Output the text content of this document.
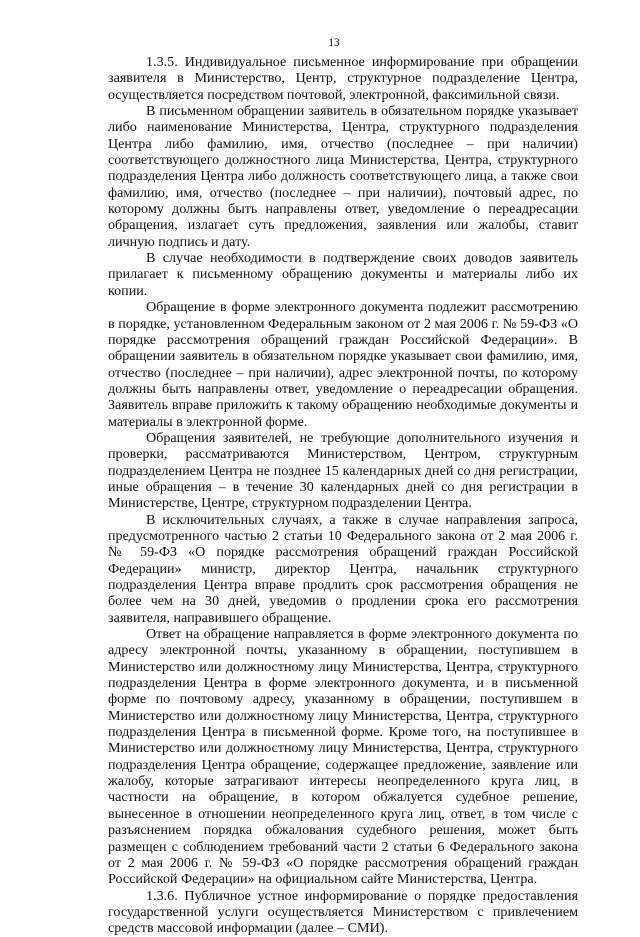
13

1.3.5. Индивидуальное письменное информирование при обращении заявителя в Министерство, Центр, структурное подразделение Центра, осуществляется посредством почтовой, электронной, факсимильной связи.

В письменном обращении заявитель в обязательном порядке указывает либо наименование Министерства, Центра, структурного подразделения Центра либо фамилию, имя, отчество (последнее – при наличии) соответствующего должностного лица Министерства, Центра, структурного подразделения Центра либо должность соответствующего лица, а также свои фамилию, имя, отчество (последнее – при наличии), почтовый адрес, по которому должны быть направлены ответ, уведомление о переадресации обращения, излагает суть предложения, заявления или жалобы, ставит личную подпись и дату.

В случае необходимости в подтверждение своих доводов заявитель прилагает к письменному обращению документы и материалы либо их копии.

Обращение в форме электронного документа подлежит рассмотрению в порядке, установленном Федеральным законом от 2 мая 2006 г. № 59-ФЗ «О порядке рассмотрения обращений граждан Российской Федерации». В обращении заявитель в обязательном порядке указывает свои фамилию, имя, отчество (последнее – при наличии), адрес электронной почты, по которому должны быть направлены ответ, уведомление о переадресации обращения. Заявитель вправе приложить к такому обращению необходимые документы и материалы в электронной форме.

Обращения заявителей, не требующие дополнительного изучения и проверки, рассматриваются Министерством, Центром, структурным подразделением Центра не позднее 15 календарных дней со дня регистрации, иные обращения – в течение 30 календарных дней со дня регистрации в Министерстве, Центре, структурном подразделении Центра.

В исключительных случаях, а также в случае направления запроса, предусмотренного частью 2 статьи 10 Федерального закона от 2 мая 2006 г. № 59-ФЗ «О порядке рассмотрения обращений граждан Российской Федерации» министр, директор Центра, начальник структурного подразделения Центра вправе продлить срок рассмотрения обращения не более чем на 30 дней, уведомив о продлении срока его рассмотрения заявителя, направившего обращение.

Ответ на обращение направляется в форме электронного документа по адресу электронной почты, указанному в обращении, поступившем в Министерство или должностному лицу Министерства, Центра, структурного подразделения Центра в форме электронного документа, и в письменной форме по почтовому адресу, указанному в обращении, поступившем в Министерство или должностному лицу Министерства, Центра, структурного подразделения Центра в письменной форме. Кроме того, на поступившее в Министерство или должностному лицу Министерства, Центра, структурного подразделения Центра обращение, содержащее предложение, заявление или жалобу, которые затрагивают интересы неопределенного круга лиц, в частности на обращение, в котором обжалуется судебное решение, вынесенное в отношении неопределенного круга лиц, ответ, в том числе с разъяснением порядка обжалования судебного решения, может быть размещен с соблюдением требований части 2 статьи 6 Федерального закона от 2 мая 2006 г. № 59-ФЗ «О порядке рассмотрения обращений граждан Российской Федерации» на официальном сайте Министерства, Центра.

1.3.6. Публичное устное информирование о порядке предоставления государственной услуги осуществляется Министерством с привлечением средств массовой информации (далее – СМИ).
